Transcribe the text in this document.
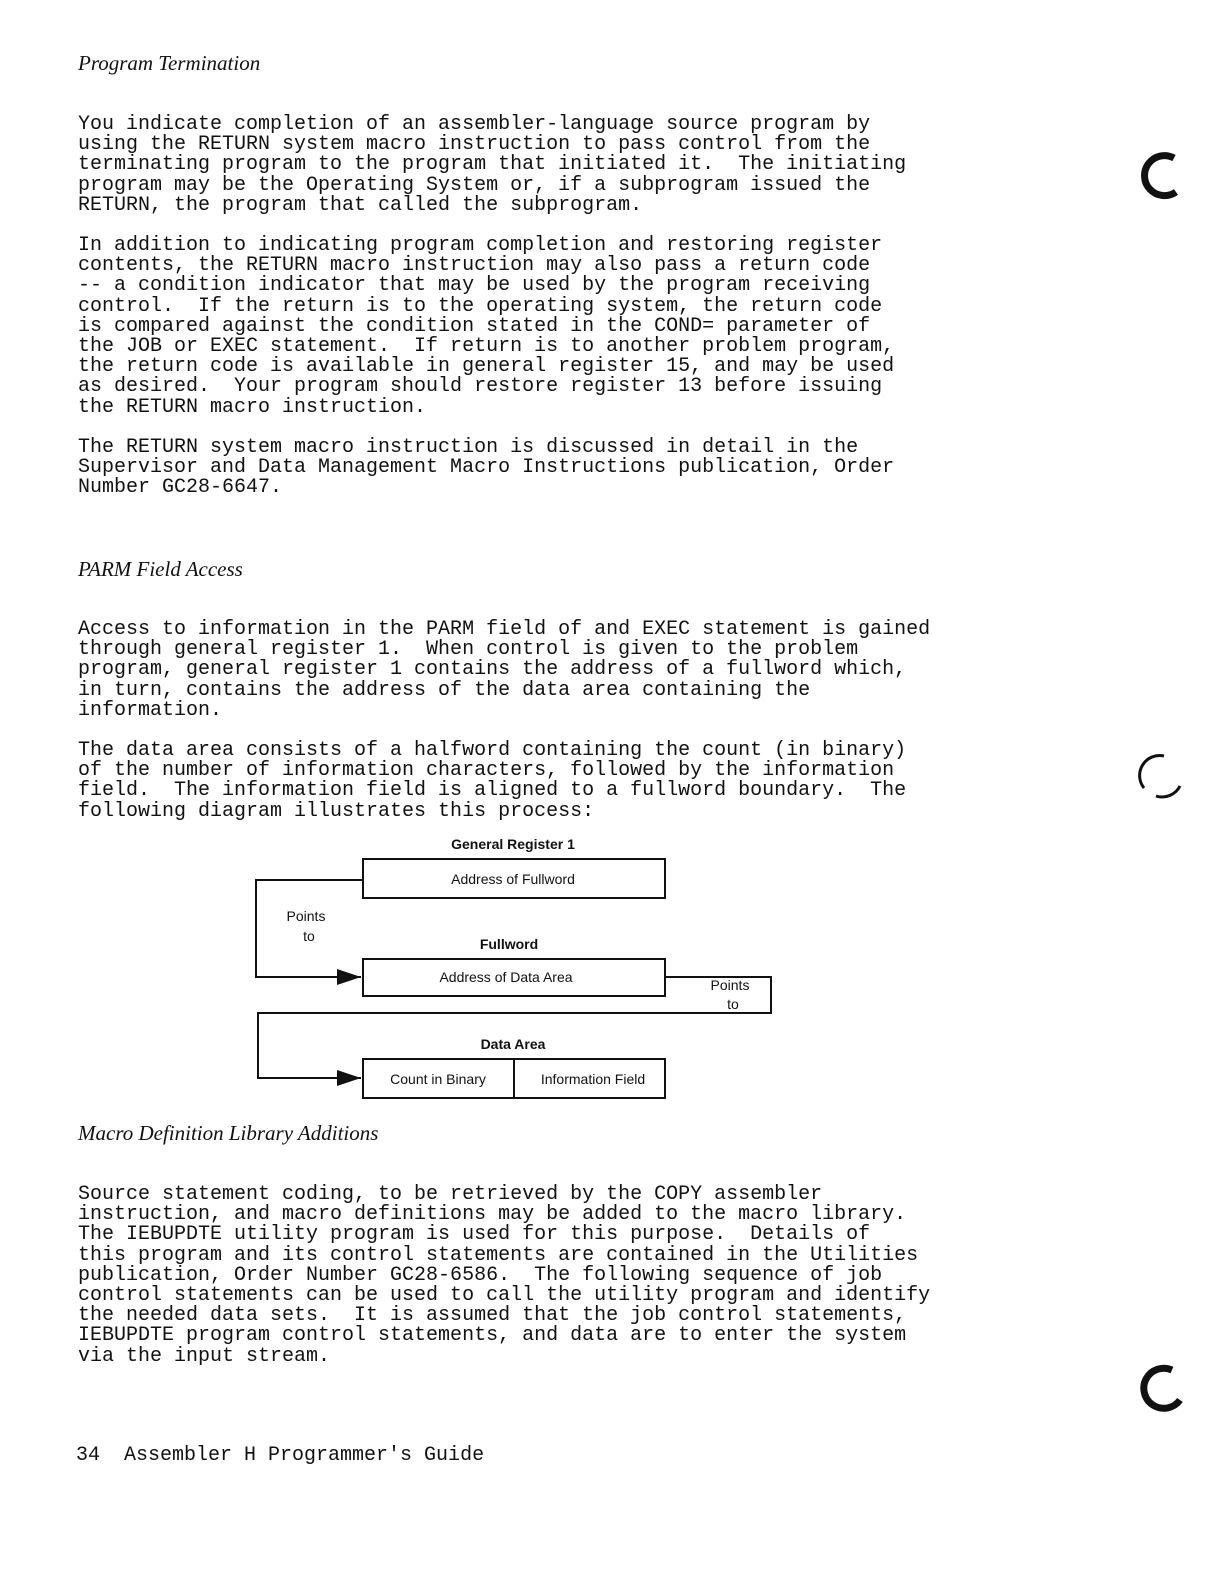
Program Termination
You indicate completion of an assembler-language source program by
using the RETURN system macro instruction to pass control from the
terminating program to the program that initiated it.  The initiating
program may be the Operating System or, if a subprogram issued the
RETURN, the program that called the subprogram.
In addition to indicating program completion and restoring register
contents, the RETURN macro instruction may also pass a return code
-- a condition indicator that may be used by the program receiving
control.  If the return is to the operating system, the return code
is compared against the condition stated in the COND= parameter of
the JOB or EXEC statement.  If return is to another problem program,
the return code is available in general register 15, and may be used
as desired.  Your program should restore register 13 before issuing
the RETURN macro instruction.
The RETURN system macro instruction is discussed in detail in the
Supervisor and Data Management Macro Instructions publication, Order
Number GC28-6647.
PARM Field Access
Access to information in the PARM field of and EXEC statement is gained
through general register 1.  When control is given to the problem
program, general register 1 contains the address of a fullword which,
in turn, contains the address of the data area containing the
information.
The data area consists of a halfword containing the count (in binary)
of the number of information characters, followed by the information
field.  The information field is aligned to a fullword boundary.  The
following diagram illustrates this process:
General Register 1
Address of Fullword
Points
to	Fullword
Address of Data Area	Points
to
Data Area
Count in Binary	Information Field
Macro Definition Library Additions
Source statement coding, to be retrieved by the COPY assembler
instruction, and macro definitions may be added to the macro library.
The IEBUPDTE utility program is used for this purpose.  Details of
this program and its control statements are contained in the Utilities
publication, Order Number GC28-6586.  The following sequence of job
control statements can be used to call the utility program and identify
the needed data sets.  It is assumed that the job control statements,
IEBUPDTE program control statements, and data are to enter the system
via the input stream.
34  Assembler H Programmer's Guide
